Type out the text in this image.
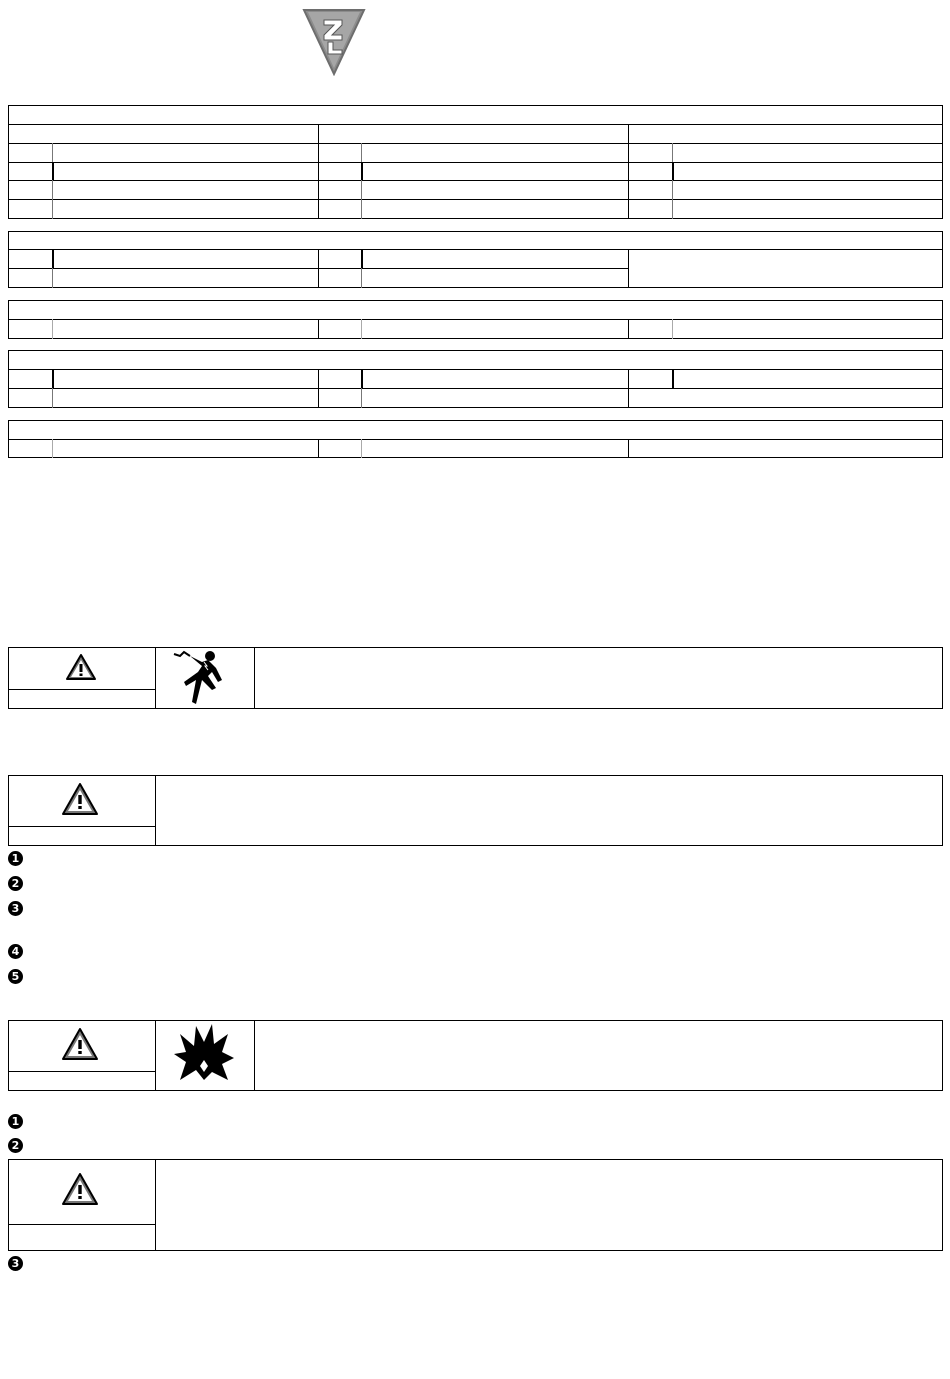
1
2
3
4
5
1
2
3
